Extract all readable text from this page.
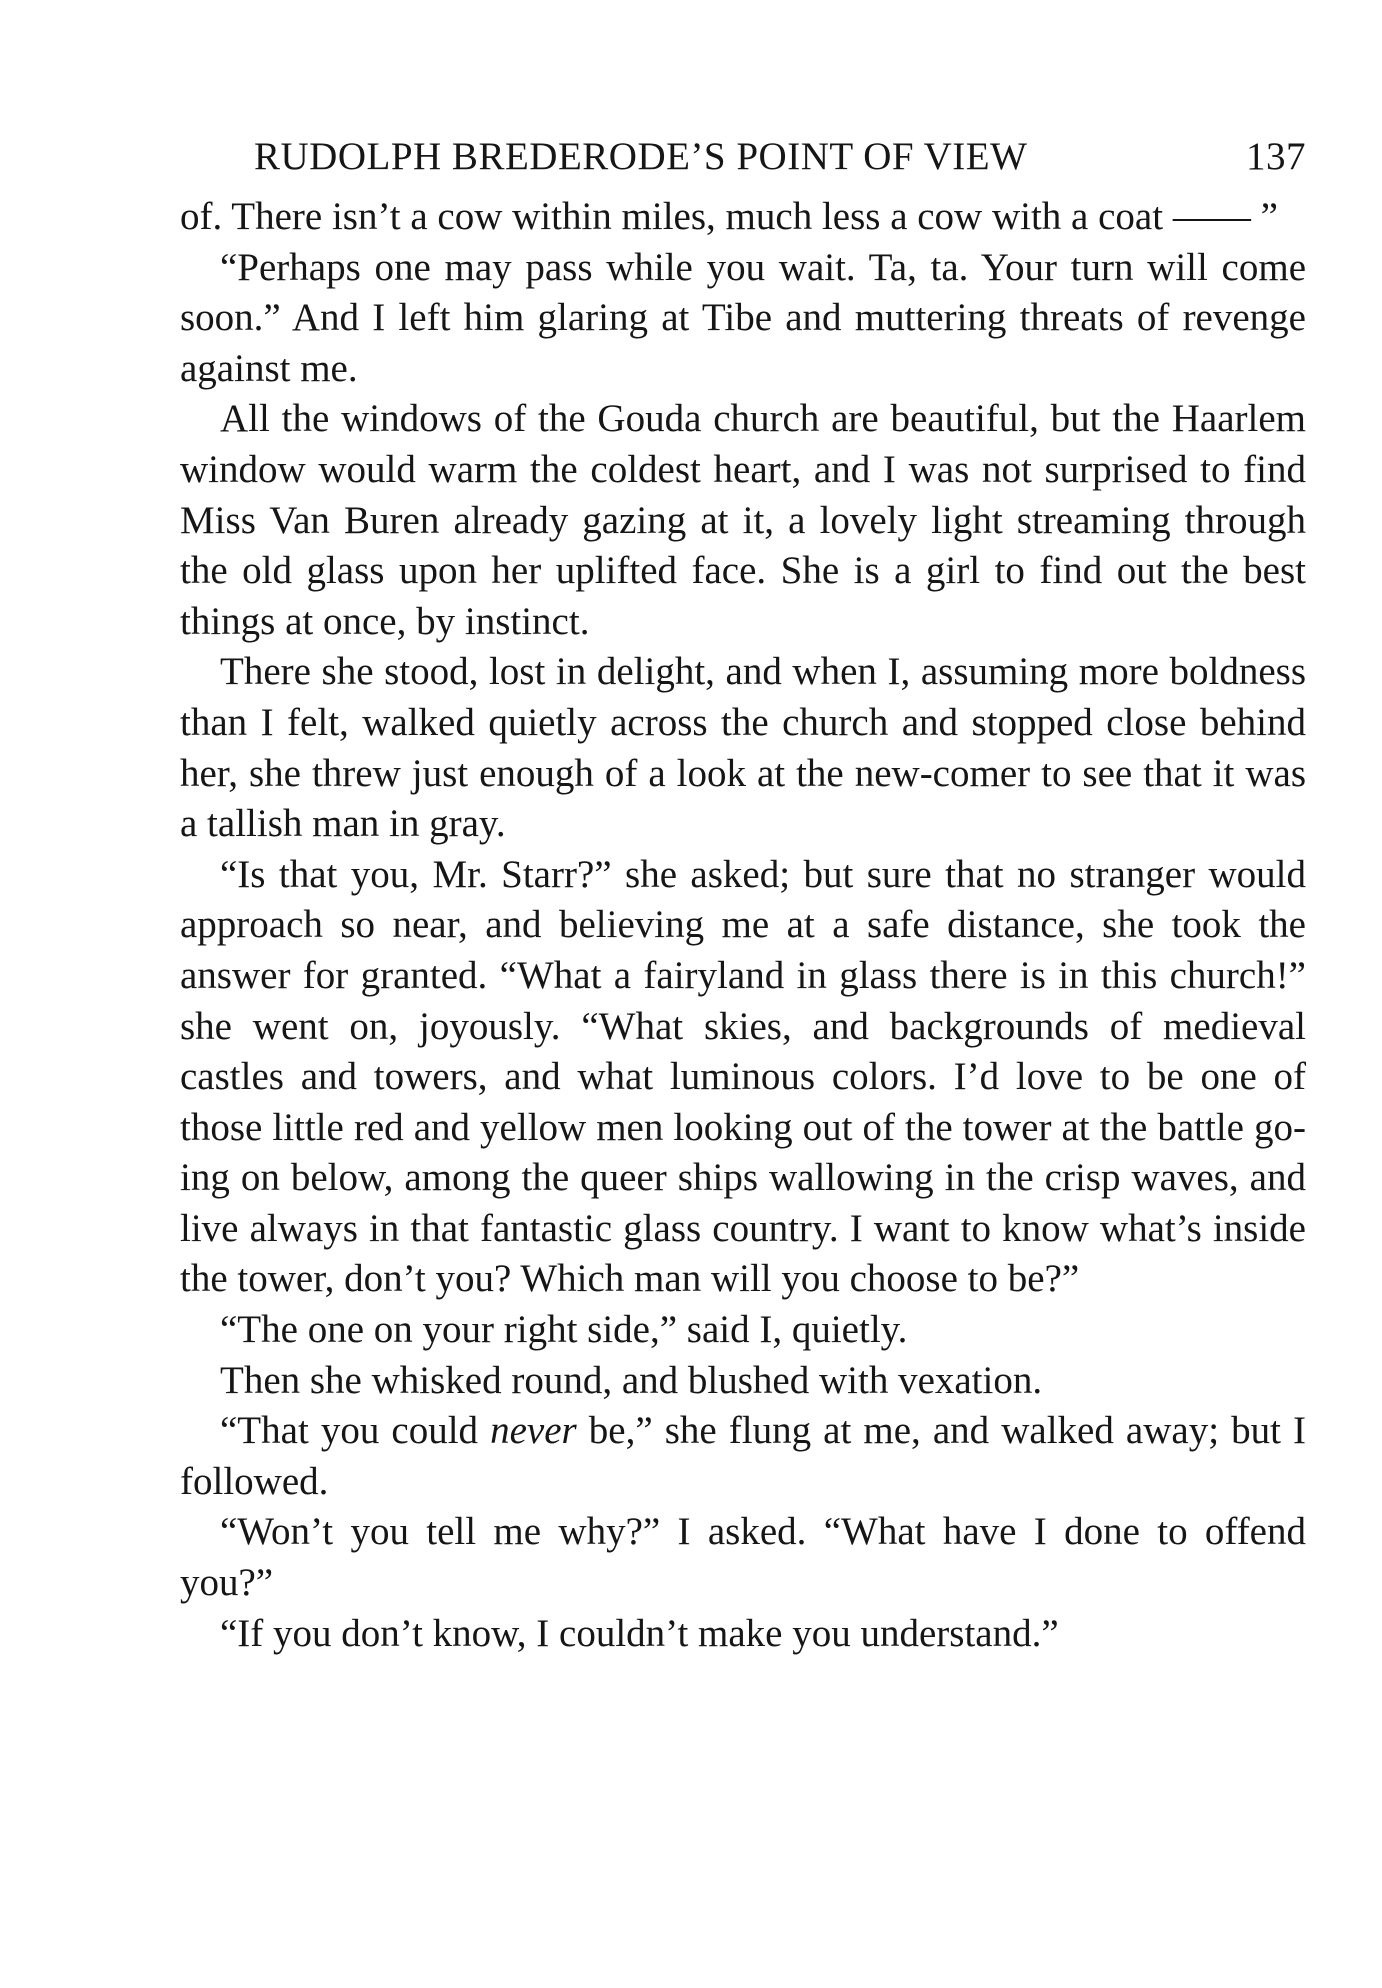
RUDOLPH BREDERODE’S POINT OF VIEW	137

of. There isn’t a cow within miles, much less a cow with a coat —— ”

“Perhaps one may pass while you wait. Ta, ta. Your turn will come soon.” And I left him glaring at Tibe and muttering threats of revenge against me.

All the windows of the Gouda church are beautiful, but the Haarlem window would warm the coldest heart, and I was not surprised to find Miss Van Buren already gazing at it, a lovely light streaming through the old glass upon her uplifted face. She is a girl to find out the best things at once, by instinct.

There she stood, lost in delight, and when I, assuming more boldness than I felt, walked quietly across the church and stopped close behind her, she threw just enough of a look at the new-comer to see that it was a tallish man in gray.

“Is that you, Mr. Starr?” she asked; but sure that no stranger would approach so near, and believing me at a safe distance, she took the answer for granted. “What a fairyland in glass there is in this church!” she went on, joyously. “What skies, and backgrounds of medieval castles and towers, and what luminous colors. I’d love to be one of those little red and yellow men looking out of the tower at the battle going on below, among the queer ships wallowing in the crisp waves, and live always in that fantastic glass country. I want to know what’s inside the tower, don’t you? Which man will you choose to be?”

“The one on your right side,” said I, quietly.

Then she whisked round, and blushed with vexation.

“That you could never be,” she flung at me, and walked away; but I followed.

“Won’t you tell me why?” I asked. “What have I done to offend you?”

“If you don’t know, I couldn’t make you understand.”
